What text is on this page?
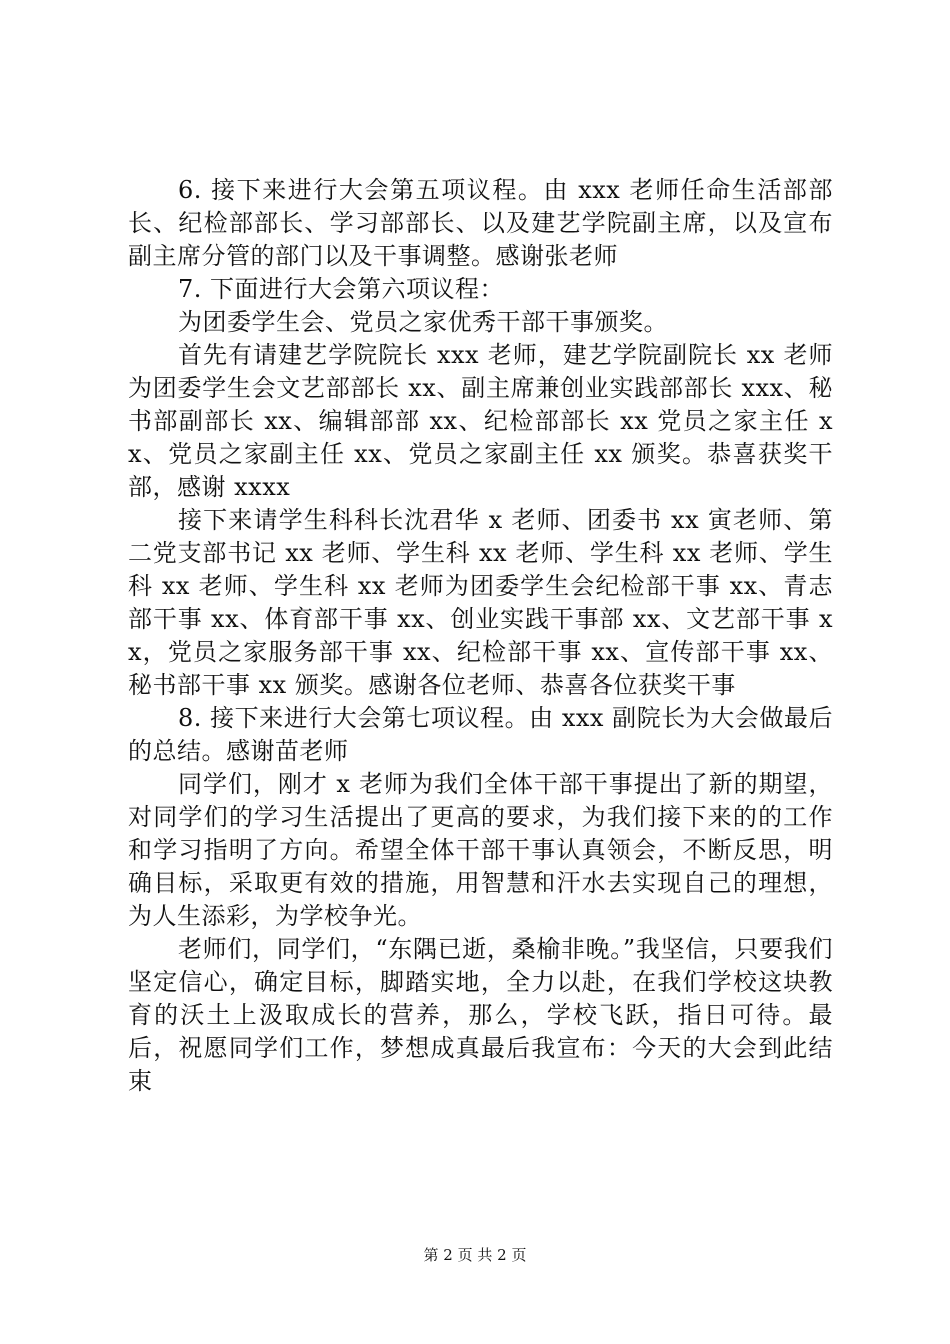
6. 接下来进行大会第五项议程。由 xxx 老师任命生活部部长、纪检部部长、学习部部长、以及建艺学院副主席，以及宣布副主席分管的部门以及干事调整。感谢张老师

7. 下面进行大会第六项议程：

为团委学生会、党员之家优秀干部干事颁奖。

首先有请建艺学院院长 xxx 老师，建艺学院副院长 xx 老师为团委学生会文艺部部长 xx、副主席兼创业实践部部长 xxx、秘书部副部长 xx、编辑部部 xx、纪检部部长 xx 党员之家主任 xx、党员之家副主任 xx、党员之家副主任 xx 颁奖。恭喜获奖干部，感谢 xxxx

接下来请学生科科长沈君华 x 老师、团委书 xx 寅老师、第二党支部书记 xx 老师、学生科 xx 老师、学生科 xx 老师、学生科 xx 老师、学生科 xx 老师为团委学生会纪检部干事 xx、青志部干事 xx、体育部干事 xx、创业实践干事部 xx、文艺部干事 xx，党员之家服务部干事 xx、纪检部干事 xx、宣传部干事 xx、秘书部干事 xx 颁奖。感谢各位老师、恭喜各位获奖干事

8. 接下来进行大会第七项议程。由 xxx 副院长为大会做最后的总结。感谢苗老师

同学们，刚才 x 老师为我们全体干部干事提出了新的期望，对同学们的学习生活提出了更高的要求，为我们接下来的的工作和学习指明了方向。希望全体干部干事认真领会，不断反思，明确目标，采取更有效的措施，用智慧和汗水去实现自己的理想，为人生添彩，为学校争光。

老师们，同学们，“东隅已逝，桑榆非晚。”我坚信，只要我们坚定信心，确定目标，脚踏实地，全力以赴，在我们学校这块教育的沃土上汲取成长的营养，那么，学校飞跃，指日可待。最后，祝愿同学们工作，梦想成真最后我宣布：今天的大会到此结束

第 2 页 共 2 页
